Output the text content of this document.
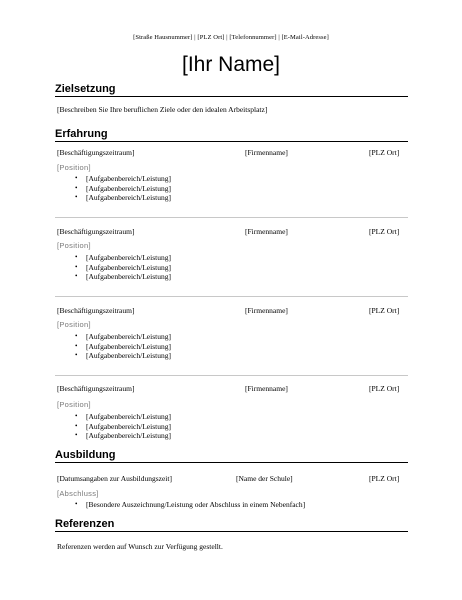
[Straße Hausnummer] | [PLZ Ort] | [Telefonnummer] | [E-Mail-Adresse]
[Ihr Name]
Zielsetzung
[Beschreiben Sie Ihre beruflichen Ziele oder den idealen Arbeitsplatz]
Erfahrung
[Beschäftigungszeitraum]	[Firmenname]	[PLZ Ort]
[Position]
• [Aufgabenbereich/Leistung]
• [Aufgabenbereich/Leistung]
• [Aufgabenbereich/Leistung]
[Beschäftigungszeitraum]	[Firmenname]	[PLZ Ort]
[Position]
• [Aufgabenbereich/Leistung]
• [Aufgabenbereich/Leistung]
• [Aufgabenbereich/Leistung]
[Beschäftigungszeitraum]	[Firmenname]	[PLZ Ort]
[Position]
• [Aufgabenbereich/Leistung]
• [Aufgabenbereich/Leistung]
• [Aufgabenbereich/Leistung]
[Beschäftigungszeitraum]	[Firmenname]	[PLZ Ort]
[Position]
• [Aufgabenbereich/Leistung]
• [Aufgabenbereich/Leistung]
• [Aufgabenbereich/Leistung]
Ausbildung
[Datumsangaben zur Ausbildungszeit]	[Name der Schule]	[PLZ Ort]
[Abschluss]
• [Besondere Auszeichnung/Leistung oder Abschluss in einem Nebenfach]
Referenzen
Referenzen werden auf Wunsch zur Verfügung gestellt.
